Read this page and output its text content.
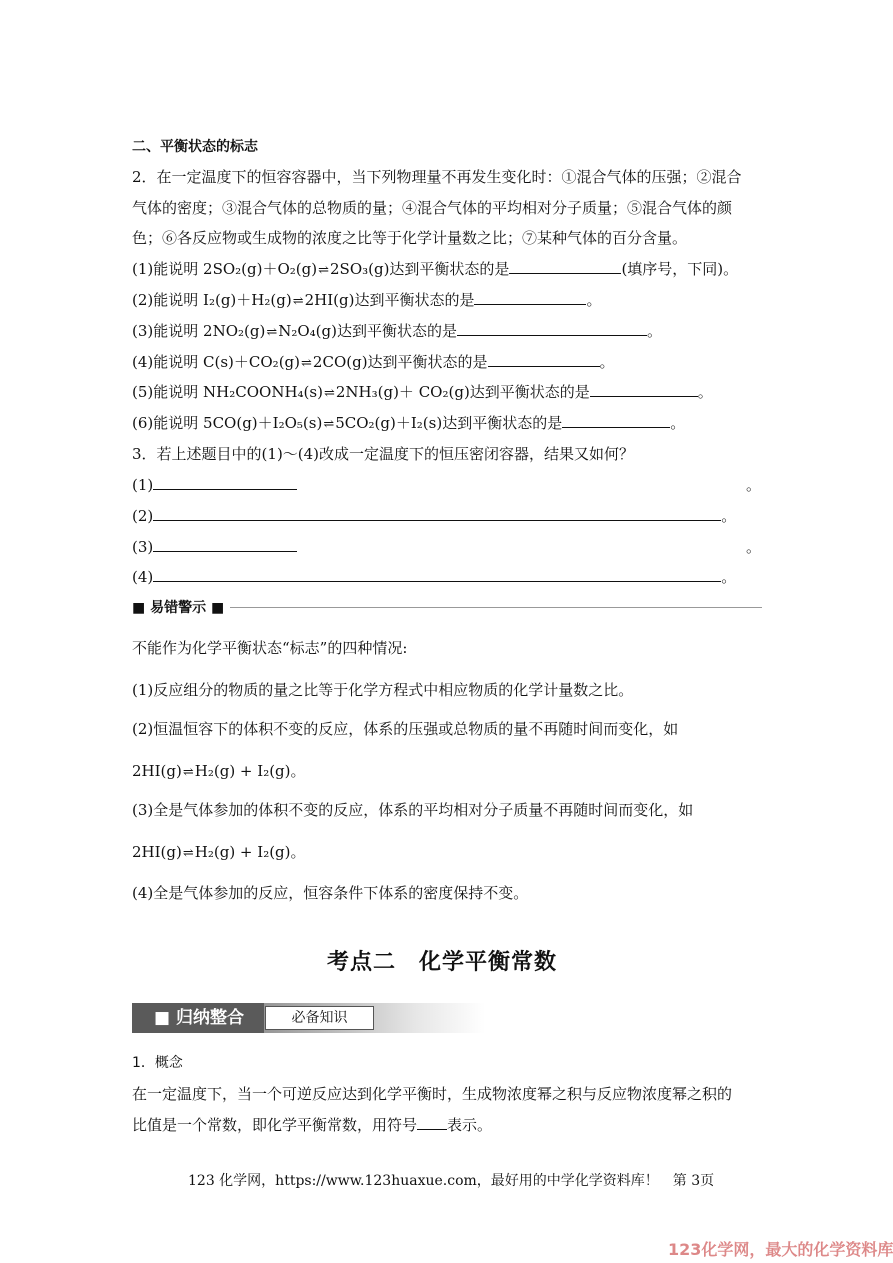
二、平衡状态的标志
2．在一定温度下的恒容容器中，当下列物理量不再发生变化时：①混合气体的压强；②混合
气体的密度；③混合气体的总物质的量；④混合气体的平均相对分子质量；⑤混合气体的颜
色；⑥各反应物或生成物的浓度之比等于化学计量数之比；⑦某种气体的百分含量。
(1)能说明 2SO₂(g)＋O₂(g)⇌2SO₃(g)达到平衡状态的是	(填序号，下同)。
(2)能说明 I₂(g)＋H₂(g)⇌2HI(g)达到平衡状态的是	。
(3)能说明 2NO₂(g)⇌N₂O₄(g)达到平衡状态的是	。
(4)能说明 C(s)＋CO₂(g)⇌2CO(g)达到平衡状态的是	。
(5)能说明 NH₂COONH₄(s)⇌2NH₃(g)＋ CO₂(g)达到平衡状态的是	。
(6)能说明 5CO(g)＋I₂O₅(s)⇌5CO₂(g)＋I₂(s)达到平衡状态的是	。
3．若上述题目中的(1)～(4)改成一定温度下的恒压密闭容器，结果又如何？
(1)	。
(2)	。
(3)	。
(4)	。
■ 易错警示 ■
不能作为化学平衡状态“标志”的四种情况:
(1)反应组分的物质的量之比等于化学方程式中相应物质的化学计量数之比。
(2)恒温恒容下的体积不变的反应，体系的压强或总物质的量不再随时间而变化，如
2HI(g)⇌H₂(g) + I₂(g)。
(3)全是气体参加的体积不变的反应，体系的平均相对分子质量不再随时间而变化，如
2HI(g)⇌H₂(g) + I₂(g)。
(4)全是气体参加的反应，恒容条件下体系的密度保持不变。
考点二　化学平衡常数
■ 归纳整合	必备知识
1．概念
在一定温度下，当一个可逆反应达到化学平衡时，生成物浓度幂之积与反应物浓度幂之积的
比值是一个常数，即化学平衡常数，用符号 表示。
123 化学网，https://www.123huaxue.com，最好用的中学化学资料库！　第 3页
123化学网，最大的化学资料库
